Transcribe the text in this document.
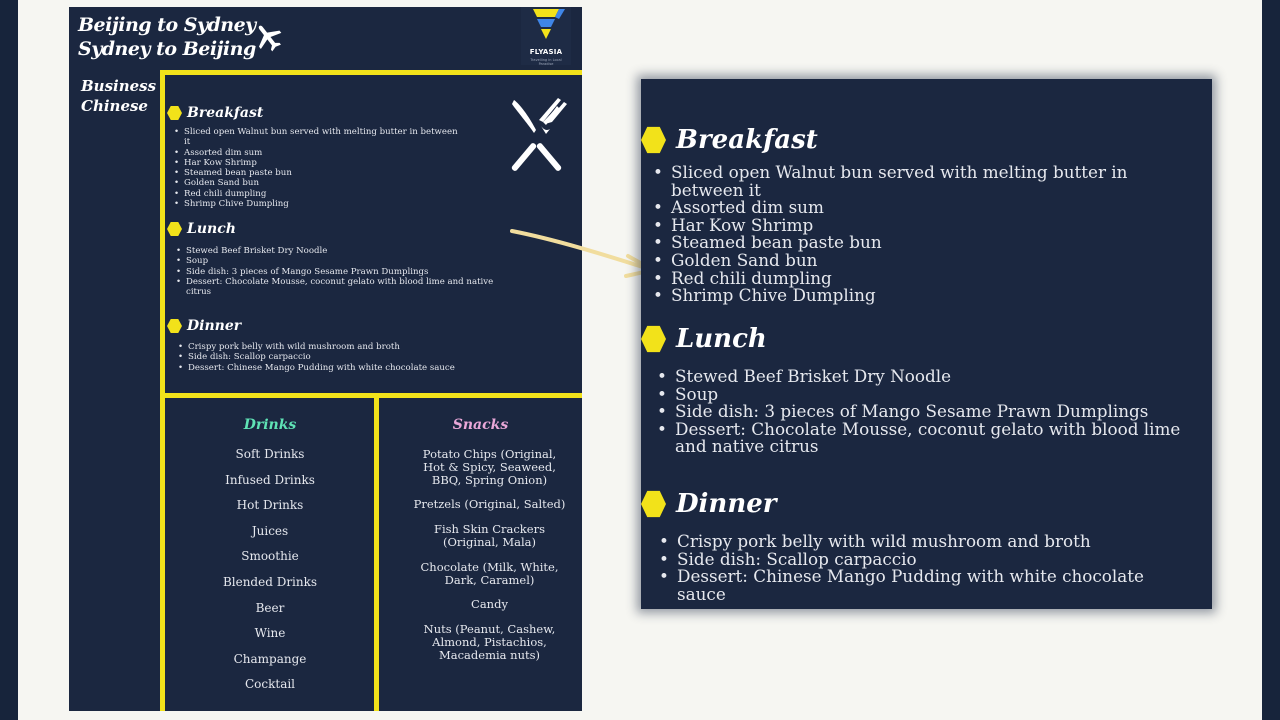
Beijing to Sydney
Sydney to Beijing	FLYASIA
Travelling in Local Paradise
Business
Chinese	Breakfast
• Sliced open Walnut bun served with melting butter in between it
• Assorted dim sum
• Har Kow Shrimp
• Steamed bean paste bun
• Golden Sand bun
• Red chili dumpling
• Shrimp Chive Dumpling
Lunch
• Stewed Beef Brisket Dry Noodle
• Soup
• Side dish: 3 pieces of Mango Sesame Prawn Dumplings
• Dessert: Chocolate Mousse, coconut gelato with blood lime and native citrus
Dinner
• Crispy pork belly with wild mushroom and broth
• Side dish: Scallop carpaccio
• Dessert: Chinese Mango Pudding with white chocolate sauce
Drinks
Soft Drinks
Infused Drinks
Hot Drinks
Juices
Smoothie
Blended Drinks
Beer
Wine
Champange
Cocktail
Snacks
Potato Chips (Original, Hot & Spicy, Seaweed, BBQ, Spring Onion)
Pretzels (Original, Salted)
Fish Skin Crackers (Original, Mala)
Chocolate (Milk, White, Dark, Caramel)
Candy
Nuts (Peanut, Cashew, Almond, Pistachios, Macademia nuts)
Breakfast
• Sliced open Walnut bun served with melting butter in between it
• Assorted dim sum
• Har Kow Shrimp
• Steamed bean paste bun
• Golden Sand bun
• Red chili dumpling
• Shrimp Chive Dumpling
Lunch
• Stewed Beef Brisket Dry Noodle
• Soup
• Side dish: 3 pieces of Mango Sesame Prawn Dumplings
• Dessert: Chocolate Mousse, coconut gelato with blood lime and native citrus
Dinner
• Crispy pork belly with wild mushroom and broth
• Side dish: Scallop carpaccio
• Dessert: Chinese Mango Pudding with white chocolate sauce
